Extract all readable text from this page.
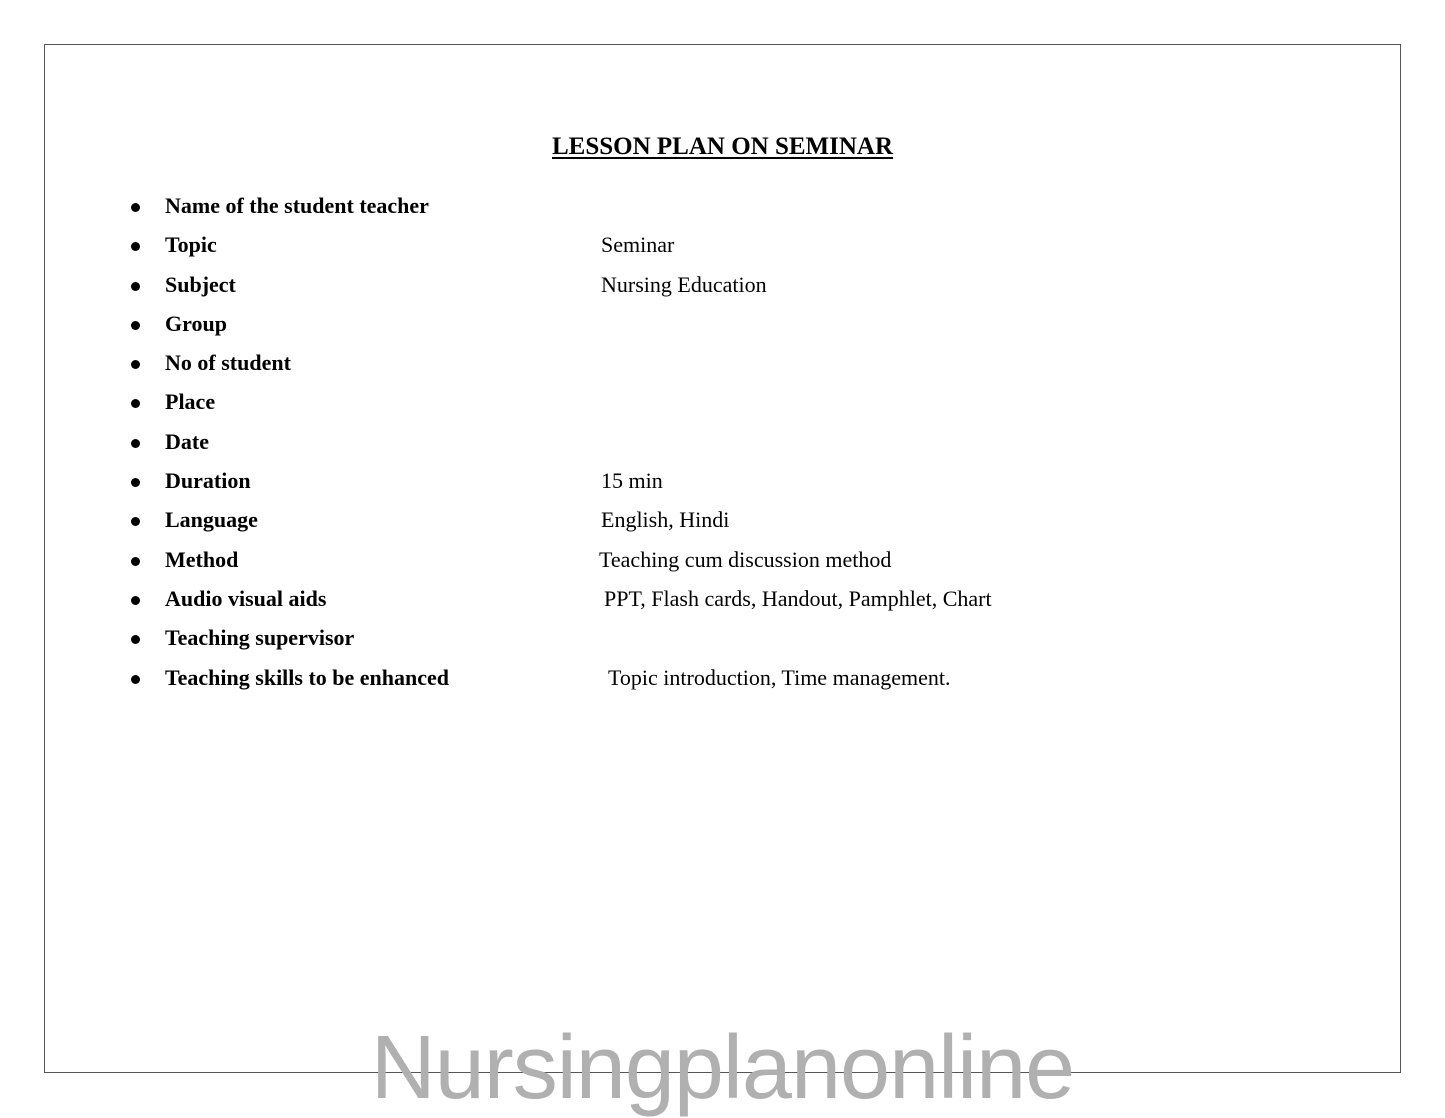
LESSON PLAN ON SEMINAR
Name of the student teacher
Topic	Seminar
Subject	Nursing Education
Group
No of student
Place
Date
Duration	15 min
Language	English, Hindi
Method	Teaching cum discussion method
Audio visual aids	PPT, Flash cards, Handout, Pamphlet, Chart
Teaching supervisor
Teaching skills to be enhanced	Topic introduction, Time management.
Nursingplanonline
